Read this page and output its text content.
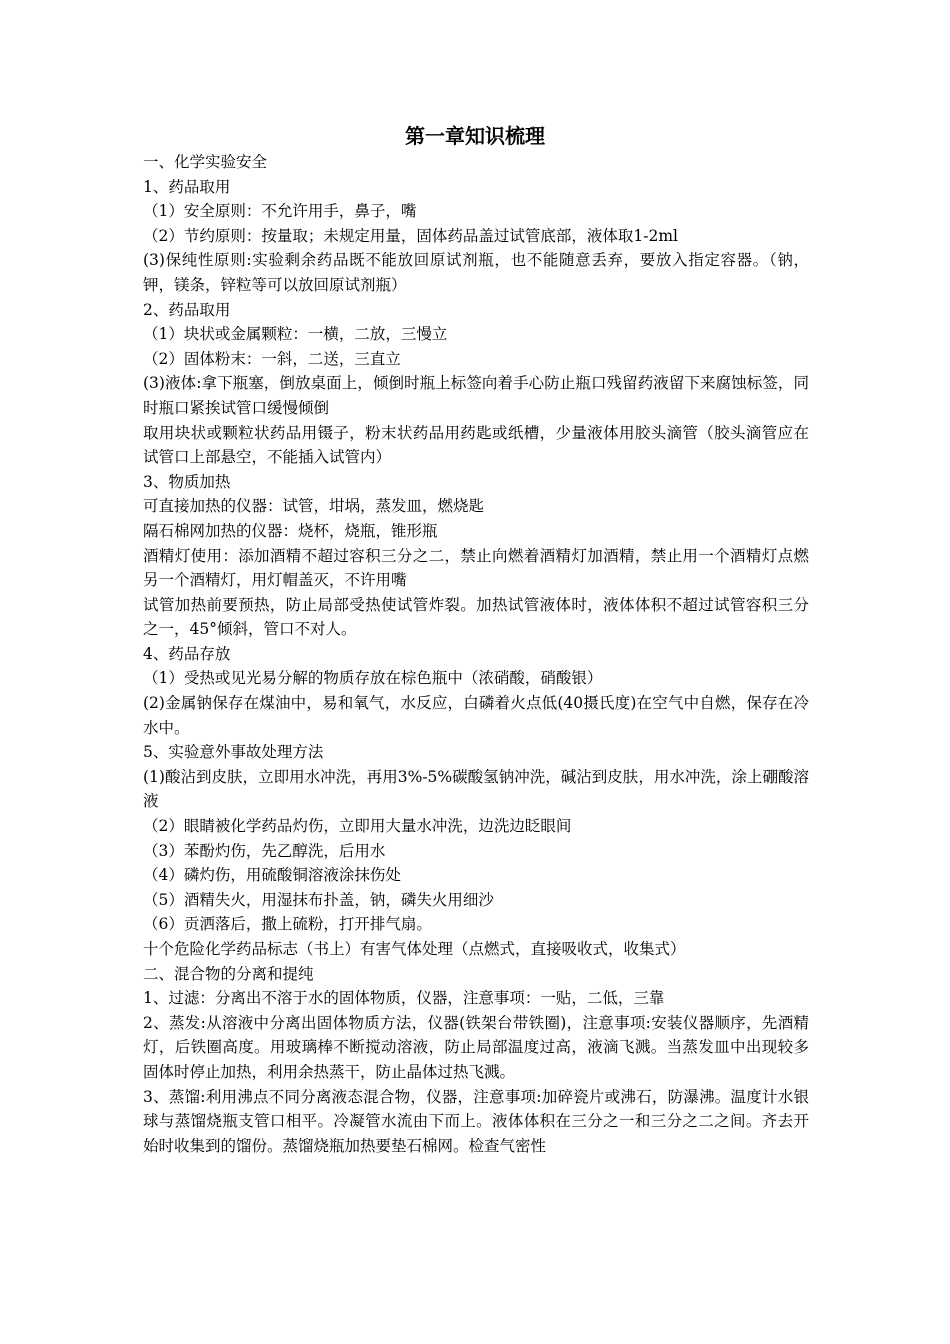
第一章知识梳理

一、化学实验安全

1、药品取用

（1）安全原则：不允许用手，鼻子，嘴

（2）节约原则：按量取；未规定用量，固体药品盖过试管底部，液体取1-2ml

(3)保纯性原则:实验剩余药品既不能放回原试剂瓶，也不能随意丢弃，要放入指定容器。（钠，钾，镁条，锌粒等可以放回原试剂瓶）

2、药品取用

（1）块状或金属颗粒：一横，二放，三慢立

（2）固体粉末：一斜，二送，三直立

(3)液体:拿下瓶塞，倒放桌面上，倾倒时瓶上标签向着手心防止瓶口残留药液留下来腐蚀标签，同时瓶口紧挨试管口缓慢倾倒

取用块状或颗粒状药品用镊子，粉末状药品用药匙或纸槽，少量液体用胶头滴管（胶头滴管应在试管口上部悬空，不能插入试管内）

3、物质加热

可直接加热的仪器：试管，坩埚，蒸发皿，燃烧匙

隔石棉网加热的仪器：烧杯，烧瓶，锥形瓶

酒精灯使用：添加酒精不超过容积三分之二，禁止向燃着酒精灯加酒精，禁止用一个酒精灯点燃另一个酒精灯，用灯帽盖灭，不许用嘴

试管加热前要预热，防止局部受热使试管炸裂。加热试管液体时，液体体积不超过试管容积三分之一，45°倾斜，管口不对人。

4、药品存放

（1）受热或见光易分解的物质存放在棕色瓶中（浓硝酸，硝酸银）

(2)金属钠保存在煤油中，易和氧气，水反应，白磷着火点低(40摄氏度)在空气中自燃，保存在冷水中。

5、实验意外事故处理方法

(1)酸沾到皮肤，立即用水冲洗，再用3%-5%碳酸氢钠冲洗，碱沾到皮肤，用水冲洗，涂上硼酸溶液

（2）眼睛被化学药品灼伤，立即用大量水冲洗，边洗边眨眼间

（3）苯酚灼伤，先乙醇洗，后用水

（4）磷灼伤，用硫酸铜溶液涂抹伤处

（5）酒精失火，用湿抹布扑盖，钠，磷失火用细沙

（6）贡洒落后，撒上硫粉，打开排气扇。

十个危险化学药品标志（书上）有害气体处理（点燃式，直接吸收式，收集式）

二、混合物的分离和提纯

1、过滤：分离出不溶于水的固体物质，仪器，注意事项：一贴，二低，三靠

2、蒸发:从溶液中分离出固体物质方法，仪器(铁架台带铁圈)，注意事项:安装仪器顺序，先酒精灯，后铁圈高度。用玻璃棒不断搅动溶液，防止局部温度过高，液滴飞溅。当蒸发皿中出现较多固体时停止加热，利用余热蒸干，防止晶体过热飞溅。

3、蒸馏:利用沸点不同分离液态混合物，仪器，注意事项:加碎瓷片或沸石，防瀑沸。温度计水银球与蒸馏烧瓶支管口相平。冷凝管水流由下而上。液体体积在三分之一和三分之二之间。齐去开始时收集到的馏份。蒸馏烧瓶加热要垫石棉网。检查气密性
